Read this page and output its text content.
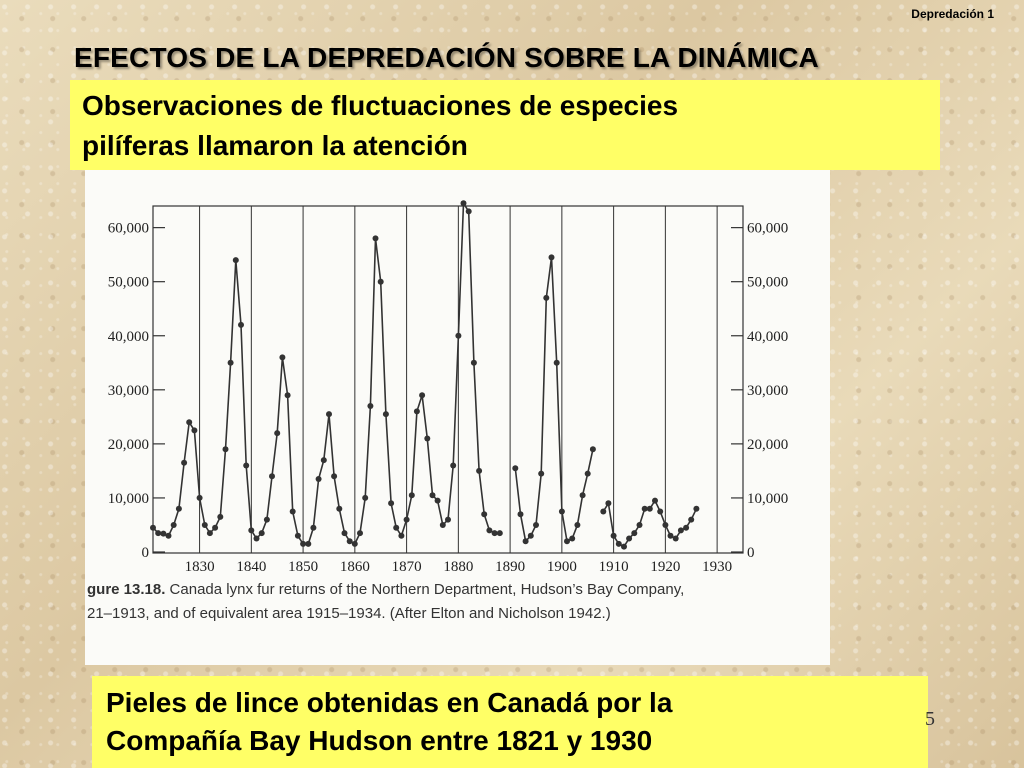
Depredación 1
EFECTOS DE LA DEPREDACIÓN SOBRE LA DINÁMICA
Observaciones de fluctuaciones de especies
pilíferas llamaron la atención
1830 1840 1850 1860 1870 1880 1890 1900 1910 1920 1930
0	0
10,000	10,000
20,000	20,000
30,000	30,000
40,000	40,000
50,000	50,000
60,000	60,000
gure 13.18. Canada lynx fur returns of the Northern Department, Hudson’s Bay Company,
21–1913, and of equivalent area 1915–1934. (After Elton and Nicholson 1942.)
Pieles de lince obtenidas en Canadá por la
Compañía Bay Hudson entre 1821 y 1930
5
